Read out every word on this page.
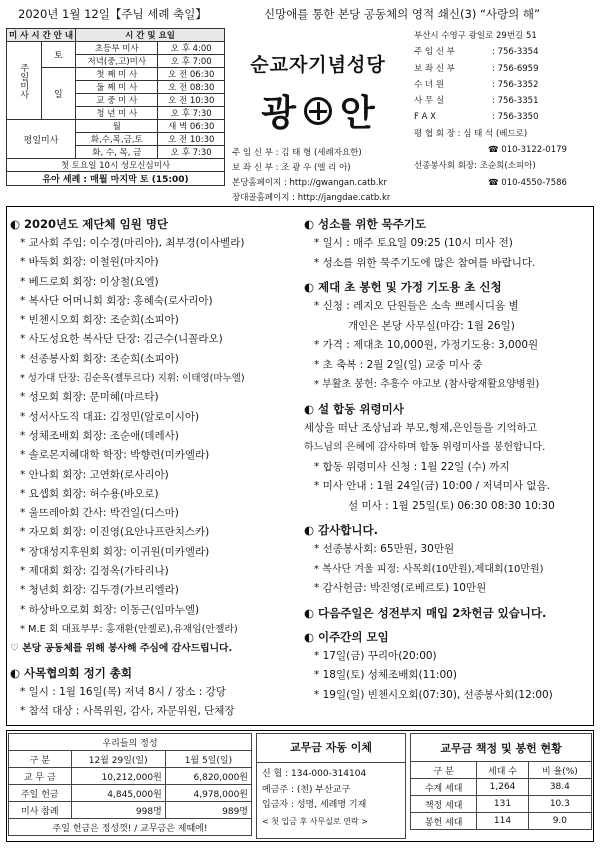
2020년 1월 12일【주님 세례 축일】	신망애를 통한 본당 공동체의 영적 쇄신(3) “사랑의 해”
미 사 시 간 안 내		시 간 및 요일	
주일미사	토	초등부 미사	오 후 4:00
		저녁(중,고)미사	오 후 7:00
	일	첫 째 미 사	오 전 06:30
		둘 째 미 사	오 전 08:30
		교 중 미 사	오 전 10:30
		청 년 미 사	오 후 7:30
평일미사		월	새 벽 06:30
		화,수,목,금,토	오 전 10:30
		화, 수, 목, 금	오 후 7:30
첫 토요일 10시 성모신심미사			
유아 세례 : 매월 마지막 토 (15:00)			
순교자기념성당
광 안
주 임 신 부 : 김 태 형 (세례자요한)
보 좌 신 부 : 조 광 우 (엘 리 아)
본당홈페이지 : http://gwangan.catb.kr
장대골홈페이지 : http://jangdae.catb.kr
부산시 수영구 광일로 29번길 51
주 임 신 부	: 756-3354
보 좌 신 부	: 756-6959
수 녀 원	: 756-3352
사 무 실	: 756-3351
F A X	: 756-3350
평 협 회 장 : 심 태 석 (베드로)
☎ 010-3122-0179
선종봉사회 회장: 조순희(소피아)
☎ 010-4550-7586
◐ 2020년도 제단체 임원 명단
* 교사회 주임: 이수경(마리아), 최부경(이사벨라)
* 바둑회 회장: 이철원(마지아)
* 베드로회 회장: 이상철(요엘)
* 복사단 어머니회 회장: 홍혜숙(로사리아)
* 빈첸시오회 회장: 조순희(소피아)
* 사도성요한 복사단 단장: 김근수(니꼴라오)
* 선종봉사회 회장: 조순희(소피아)
* 성가대 단장: 김순옥(젤투르다) 지휘: 이태영(마누엘)
* 성모회 회장: 문미혜(마르타)
* 성서사도직 대표: 김정민(알로이시아)
* 성체조배회 회장: 조순애(데레사)
* 솔로몬지혜대학 학장: 박향련(미카엘라)
* 안나회 회장: 고연화(로사리아)
* 요셉회 회장: 허수용(바오로)
* 울뜨레아회 간사: 박건일(디스마)
* 자모회 회장: 이진영(요안나프란치스카)
* 장대성지후원회 회장: 이귀원(미카엘라)
* 제대회 회장: 김정옥(가타리나)
* 청년회 회장: 김두경(가브리엘라)
* 하상바오로회 회장: 이동근(임마누엘)
* M.E 회 대표부부: 홍재환(안젤로),유재임(안젤라)
♡ 본당 공동체를 위해 봉사해 주심에 감사드립니다.
◐ 사목협의회 정기 총회
* 일시 : 1월 16일(목) 저녁 8시 / 장소 : 강당
* 참석 대상 : 사목위원, 감사, 자문위원, 단체장
◐ 성소를 위한 묵주기도
* 일시 : 매주 토요일 09:25 (10시 미사 전)
* 성소를 위한 묵주기도에 많은 참여를 바랍니다.
◐ 제대 초 봉헌 및 가정 기도용 초 신청
* 신청 : 레지오 단원들은 소속 쁘레시디움 별
개인은 본당 사무실(마감: 1월 26일)
* 가격 : 제대초 10,000원, 가정기도용: 3,000원
* 초 축복 : 2월 2일(일) 교중 미사 중
* 부활초 봉헌: 추흥수 야고보 (참사랑재활요양병원)
◐ 설 합동 위령미사
세상을 떠난 조상님과 부모,형제,은인들을 기억하고
하느님의 은혜에 감사하며 합동 위령미사를 봉헌합니다.
* 합동 위령미사 신청 : 1월 22일 (수) 까지
* 미사 안내 : 1월 24일(금) 10:00 / 저녁미사 없음.
설 미사 : 1월 25일(토) 06:30 08:30 10:30
◐ 감사합니다.
* 선종봉사회: 65만원, 30만원
* 복사단 겨울 피정: 사목회(10만원),제대회(10만원)
* 감사헌금: 박진영(로베르토) 10만원
◐ 다음주일은 성전부지 매입 2차헌금 있습니다.
◐ 이주간의 모임
* 17일(금) 꾸리아(20:00)
* 18일(토) 성체조배회(11:00)
* 19일(일) 빈첸시오회(07:30), 선종봉사회(12:00)
우리들의 정성		
구 분	12월 29일(일)	1월 5일(일)
교 무 금	10,212,000원	6,820,000원
주일 헌금	4,845,000원	4,978,000원
미사 참례	998명	989명
주일 헌금은 정성껏! / 교무금은 제때에!		
교무금 자동 이체
신 협 : 134-000-314104
예금주 : (천) 부산교구
입금자 : 성명, 세례명 기재
< 첫 입금 후 사무실로 연락 >
교무금 책정 및 봉헌 현황		
구 분	세대 수	비 율(%)
수계 세대	1,264	38.4
책정 세대	131	10.3
봉헌 세대	114	9.0
